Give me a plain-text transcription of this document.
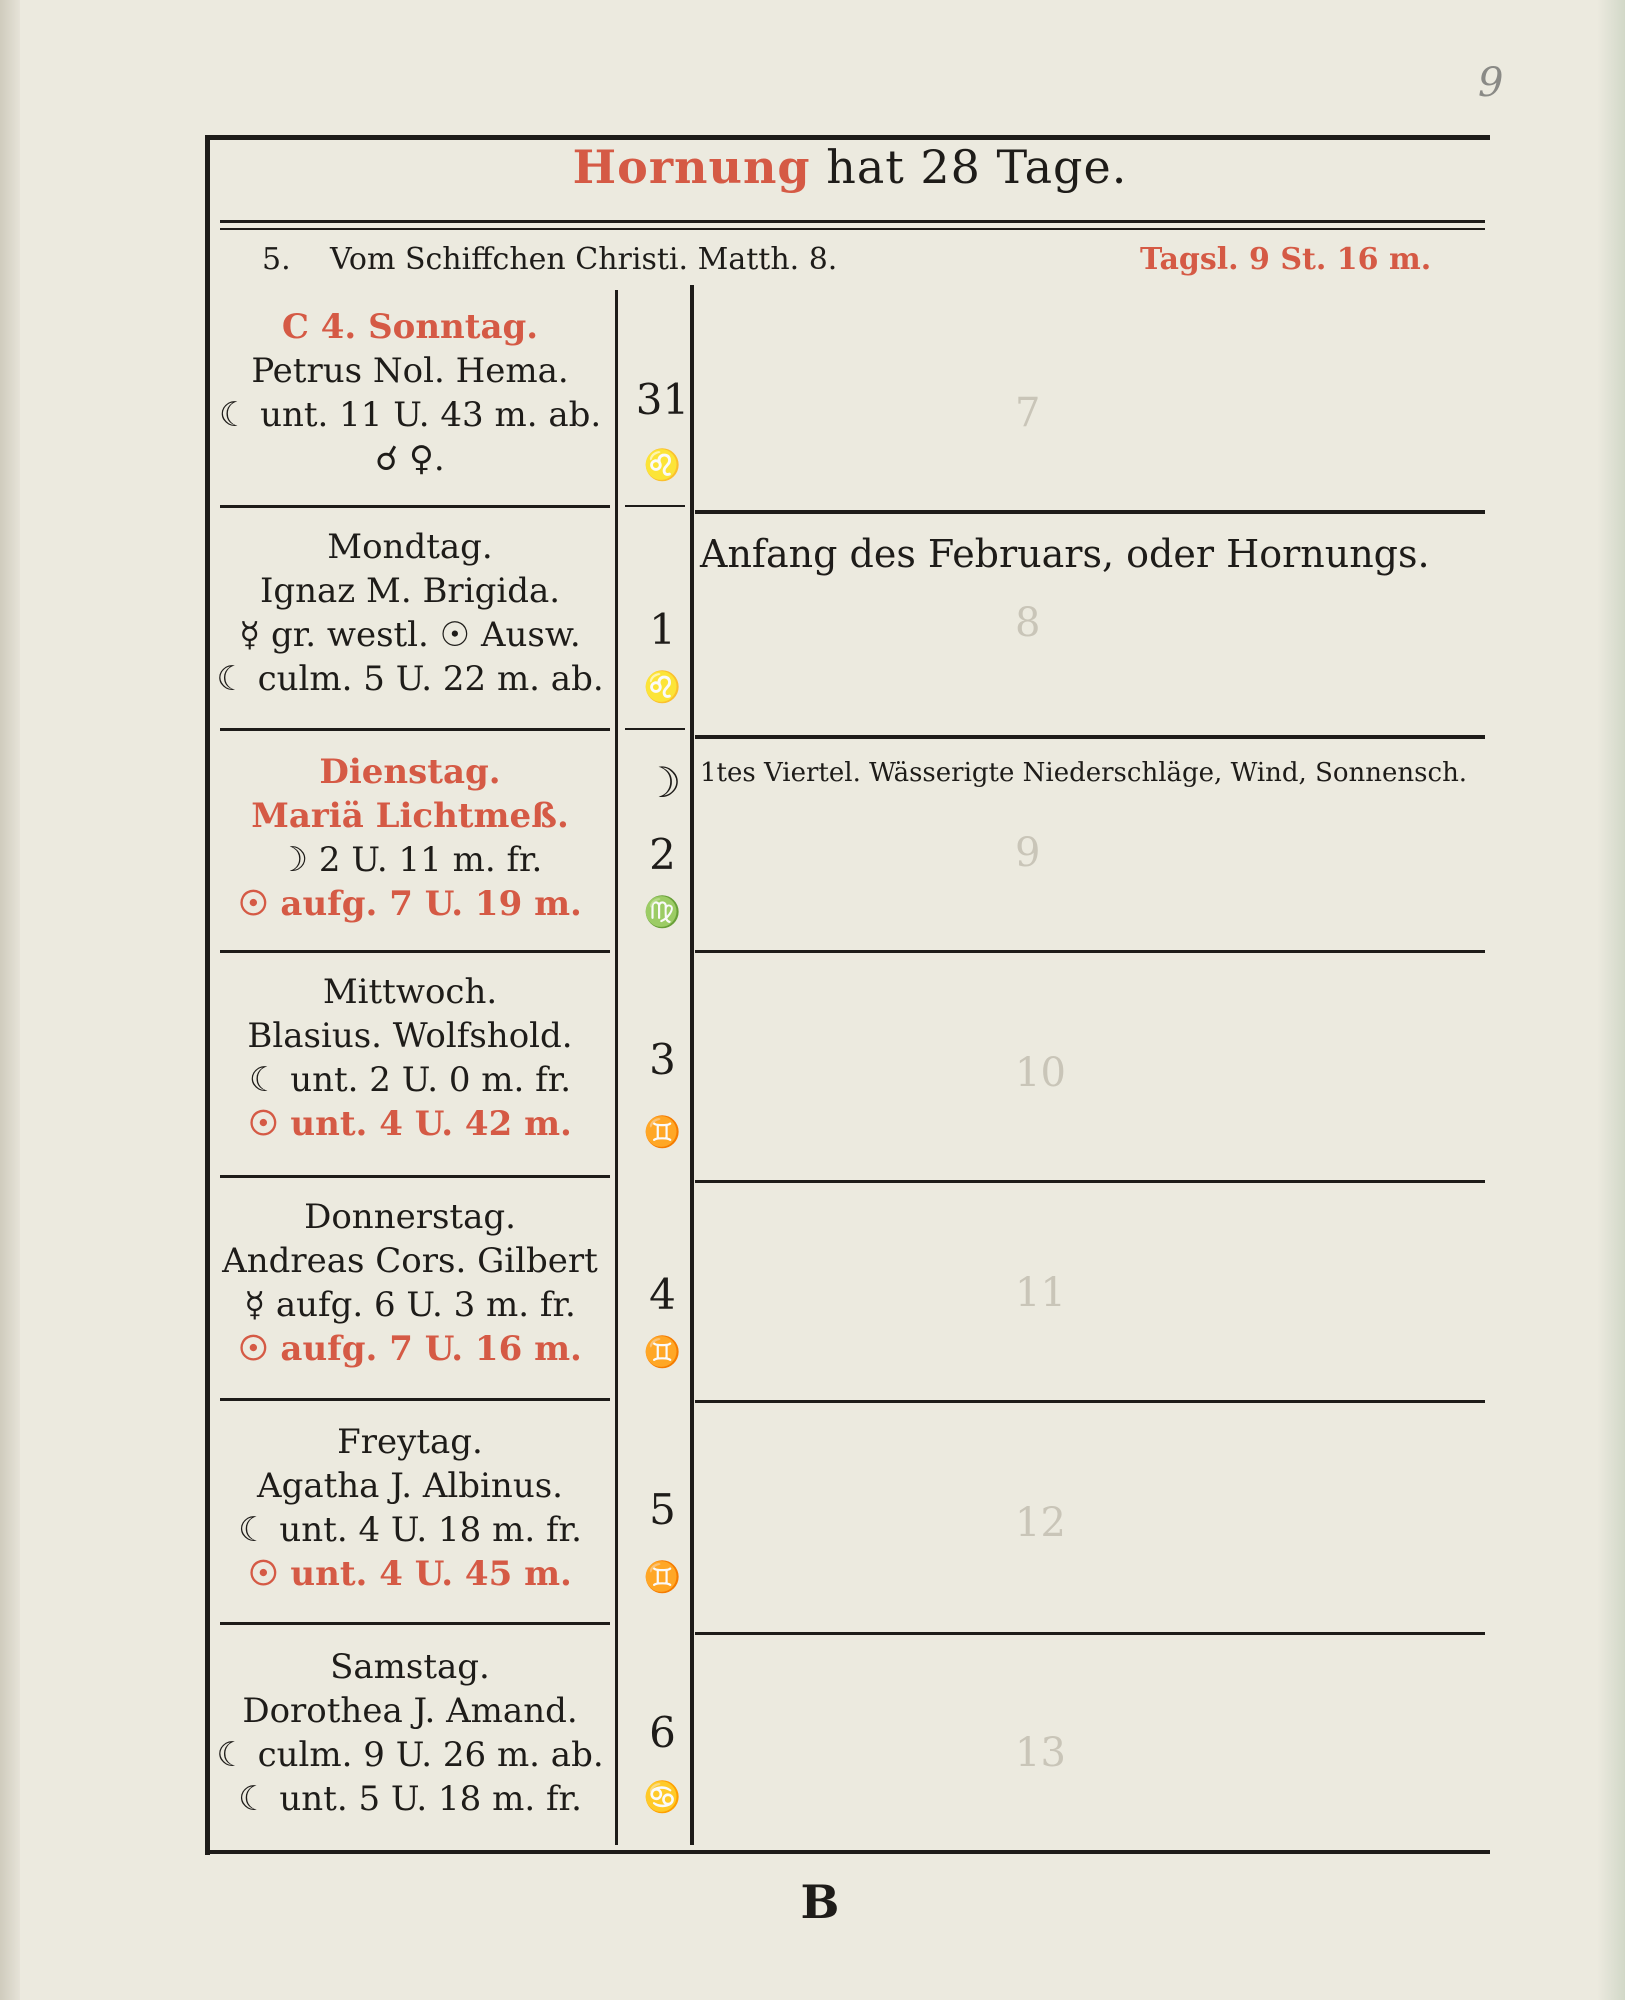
9
7
8
9
10
11
12
13
Hornung hat 28 Tage.
5. Vom Schiffchen Christi. Matth. 8.	Tagsl. 9 St. 16 m.
C 4. Sonntag.
Petrus Nol. Hema.
☾ unt. 11 U. 43 m. ab.
☌ ♀.
Mondtag.
Ignaz M. Brigida.
☿ gr. westl. ☉ Ausw.
☾ culm. 5 U. 22 m. ab.
Dienstag.
Mariä Lichtmeß.
☽ 2 U. 11 m. fr.
☉ aufg. 7 U. 19 m.
Mittwoch.
Blasius. Wolfshold.
☾ unt. 2 U. 0 m. fr.
☉ unt. 4 U. 42 m.
Donnerstag.
Andreas Cors. Gilbert
☿ aufg. 6 U. 3 m. fr.
☉ aufg. 7 U. 16 m.
Freytag.
Agatha J. Albinus.
☾ unt. 4 U. 18 m. fr.
☉ unt. 4 U. 45 m.
Samstag.
Dorothea J. Amand.
☾ culm. 9 U. 26 m. ab.
☾ unt. 5 U. 18 m. fr.
31
♌
1
♌
☽
2
♍
3
♊
4
♊
5
♊
6
♋
Anfang des Februars, oder Hornungs.
1tes Viertel. Wässerigte Niederschläge, Wind, Sonnensch.
B
